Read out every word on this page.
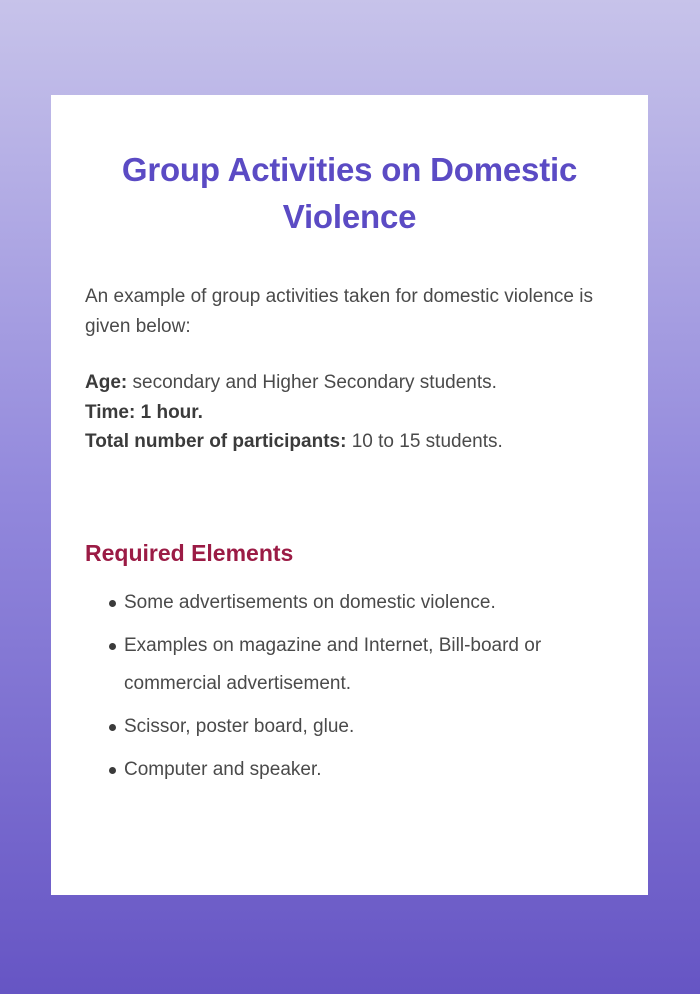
Group Activities on Domestic Violence

An example of group activities taken for domestic violence is given below:

Age: secondary and Higher Secondary students.
Time: 1 hour.
Total number of participants: 10 to 15 students.
Required Elements
Some advertisements on domestic violence.
Examples on magazine and Internet, Bill-board or commercial advertisement.
Scissor, poster board, glue.
Computer and speaker.
